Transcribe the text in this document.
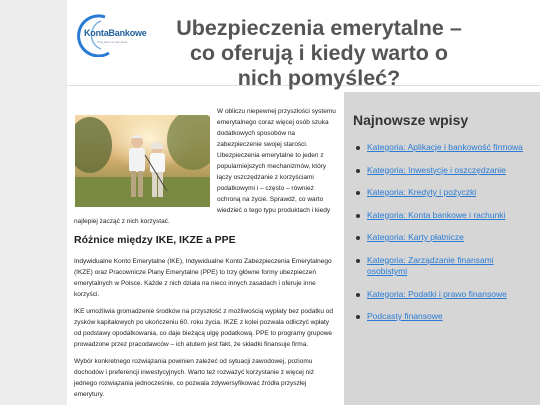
KontaBankowe
Twój bank w internecie
Ubezpieczenia emerytalne – co oferują i kiedy warto o nich pomyśleć?

W obliczu niepewnej przyszłości systemu emerytalnego coraz więcej osób szuka dodatkowych sposobów na zabezpieczenie swojej starości. Ubezpieczenia emerytalne to jeden z popularniejszych mechanizmów, który łączy oszczędzanie z korzyściami podatkowymi i – często – również ochroną na życie. Sprawdź, co warto wiedzieć o tego typu produktach i kiedy najlepiej zacząć z nich korzystać.

Różnice między IKE, IKZE a PPE

Indywidualne Konto Emerytalne (IKE), Indywidualne Konto Zabezpieczenia Emerytalnego (IKZE) oraz Pracownicze Plany Emerytalne (PPE) to trzy główne formy ubezpieczeń emerytalnych w Polsce. Każde z nich działa na nieco innych zasadach i oferuje inne korzyści.

IKE umożliwia gromadzenie środków na przyszłość z możliwością wypłaty bez podatku od zysków kapitałowych po ukończeniu 60. roku życia. IKZE z kolei pozwala odliczyć wpłaty od podstawy opodatkowania, co daje bieżącą ulgę podatkową. PPE to programy grupowe prowadzone przez pracodawców – ich atutem jest fakt, że składki finansuje firma.

Wybór konkretnego rozwiązania powinien zależeć od sytuacji zawodowej, poziomu dochodów i preferencji inwestycyjnych. Warto też rozważyć korzystanie z więcej niż jednego rozwiązania jednocześnie, co pozwala zdywersyfikować źródła przyszłej emerytury.

Najnowsze wpisy
Kategoria: Aplikacje i bankowość firmowa
Kategoria: Inwestycje i oszczędzanie
Kategoria: Kredyty i pożyczki
Kategoria: Konta bankowe i rachunki
Kategoria: Karty płatnicze
Kategoria: Zarządzanie finansami osobistymi
Kategoria: Podatki i prawo finansowe
Podcasty finansowe
